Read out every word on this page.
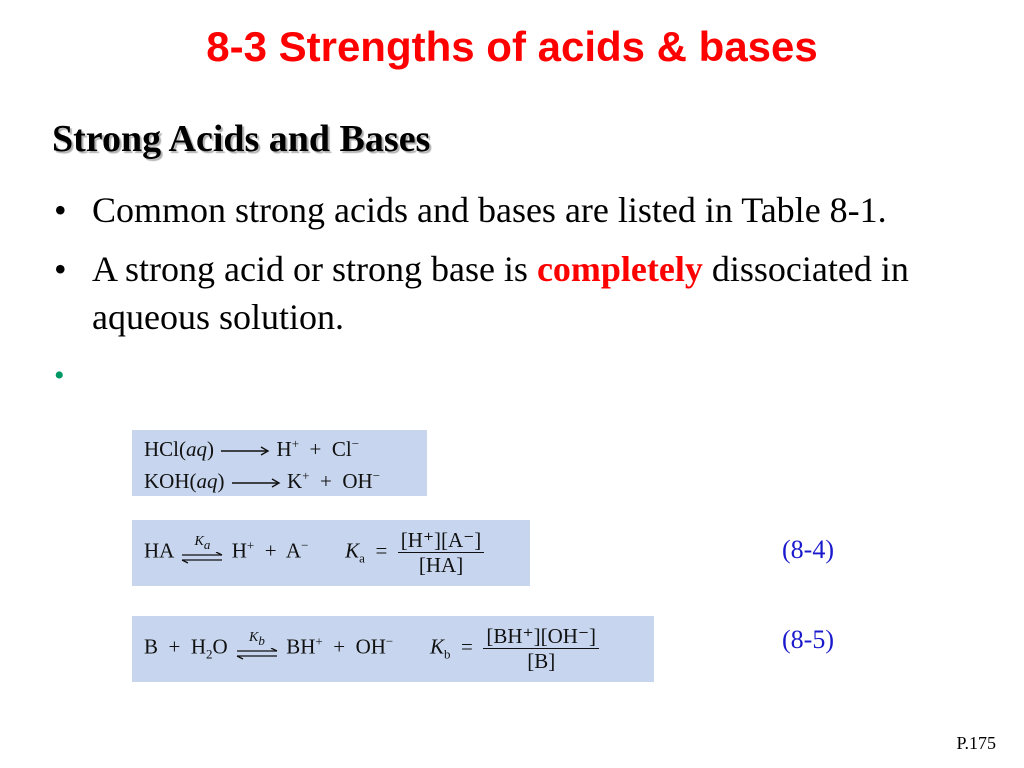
8-3 Strengths of acids & bases
Strong Acids and Bases
• Common strong acids and bases are listed in Table 8-1.
• A strong acid or strong base is completely dissociated in aqueous solution.
•
HCl(aq) → H+ + Cl−
KOH(aq) → K+ + OH−
HA	$K_a$	H+ + A− $K_a = \frac{[H^+][A^-]}{[HA]}$	(8-4)
$B + H_2O$	$K_b$	BH+ + OH− $K_b = \frac{[BH^+][OH^-]}{[B]}$	(8-5)
P.175
